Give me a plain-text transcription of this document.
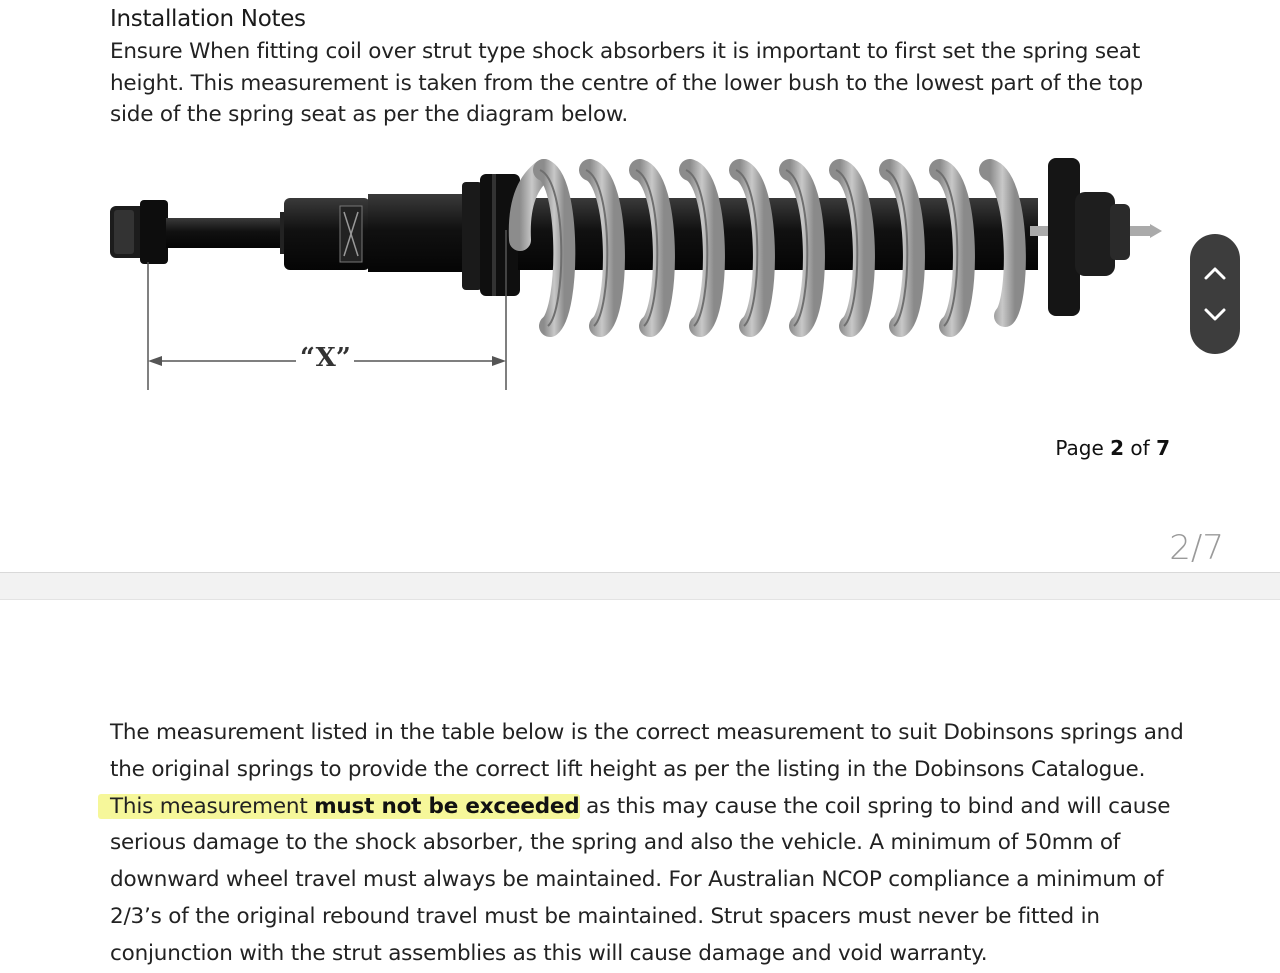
Installation Notes

Ensure When fitting coil over strut type shock absorbers it is important to first set the spring seat height. This measurement is taken from the centre of the lower bush to the lowest part of the top side of the spring seat as per the diagram below.

“X”
Page 2 of 7
2/7

The measurement listed in the table below is the correct measurement to suit Dobinsons springs and the original springs to provide the correct lift height as per the listing in the Dobinsons Catalogue. This measurement must not be exceeded as this may cause the coil spring to bind and will cause serious damage to the shock absorber, the spring and also the vehicle. A minimum of 50mm of downward wheel travel must always be maintained. For Australian NCOP compliance a minimum of 2/3’s of the original rebound travel must be maintained. Strut spacers must never be fitted in conjunction with the strut assemblies as this will cause damage and void warranty.
